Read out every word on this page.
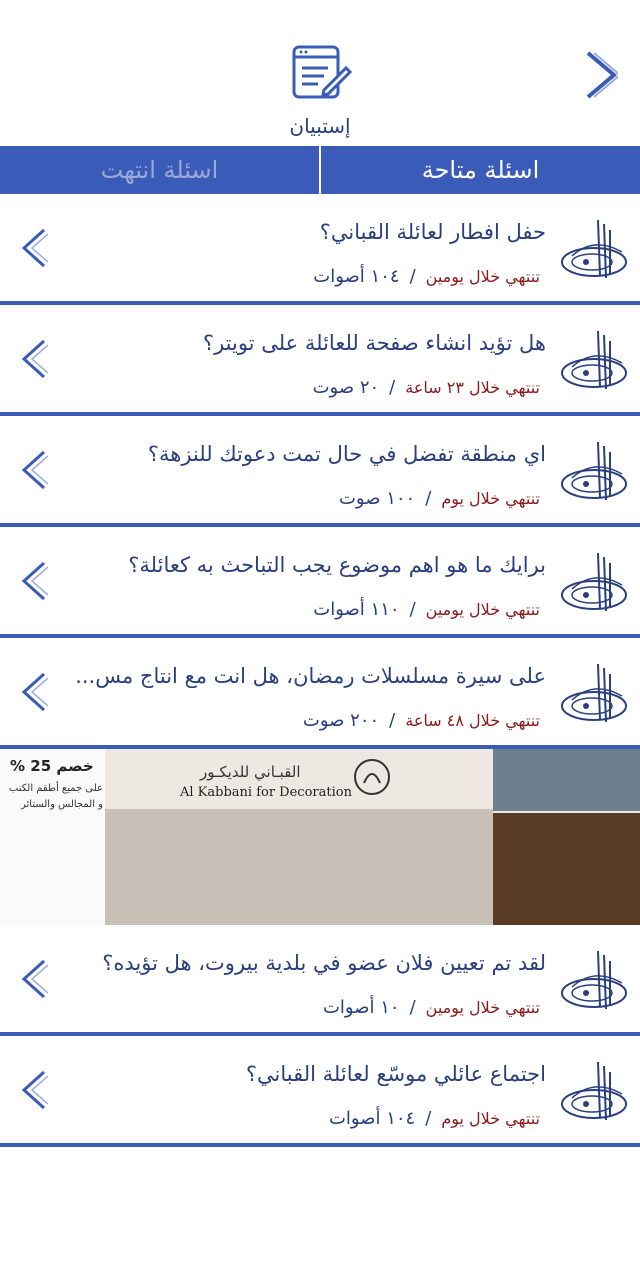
إستبيان
اسئلة انتهت	اسئلة متاحة
حفل افطار لعائلة القباني؟
تنتهي خلال يومين/١٠٤ أصوات
هل تؤيد انشاء صفحة للعائلة على تويتر؟
تنتهي خلال ٢٣ ساعة/٢٠ صوت
اي منطقة تفضل في حال تمت دعوتك للنزهة؟
تنتهي خلال يوم/١٠٠ صوت
برايك ما هو اهم موضوع يجب التباحث به كعائلة؟
تنتهي خلال يومين/١١٠ أصوات
على سيرة مسلسلات رمضان، هل انت مع انتاج مس...
تنتهي خلال ٤٨ ساعة/٢٠٠ صوت
خصم 25 %
على جميع أطقم الكنب و المجالس والستائر
القبـاني للديكـور
Al Kabbani for Decoration
لقد تم تعيين فلان عضو في بلدية بيروت، هل تؤيده؟
تنتهي خلال يومين/١٠ أصوات
اجتماع عائلي موسّع لعائلة القباني؟
تنتهي خلال يوم/١٠٤ أصوات
